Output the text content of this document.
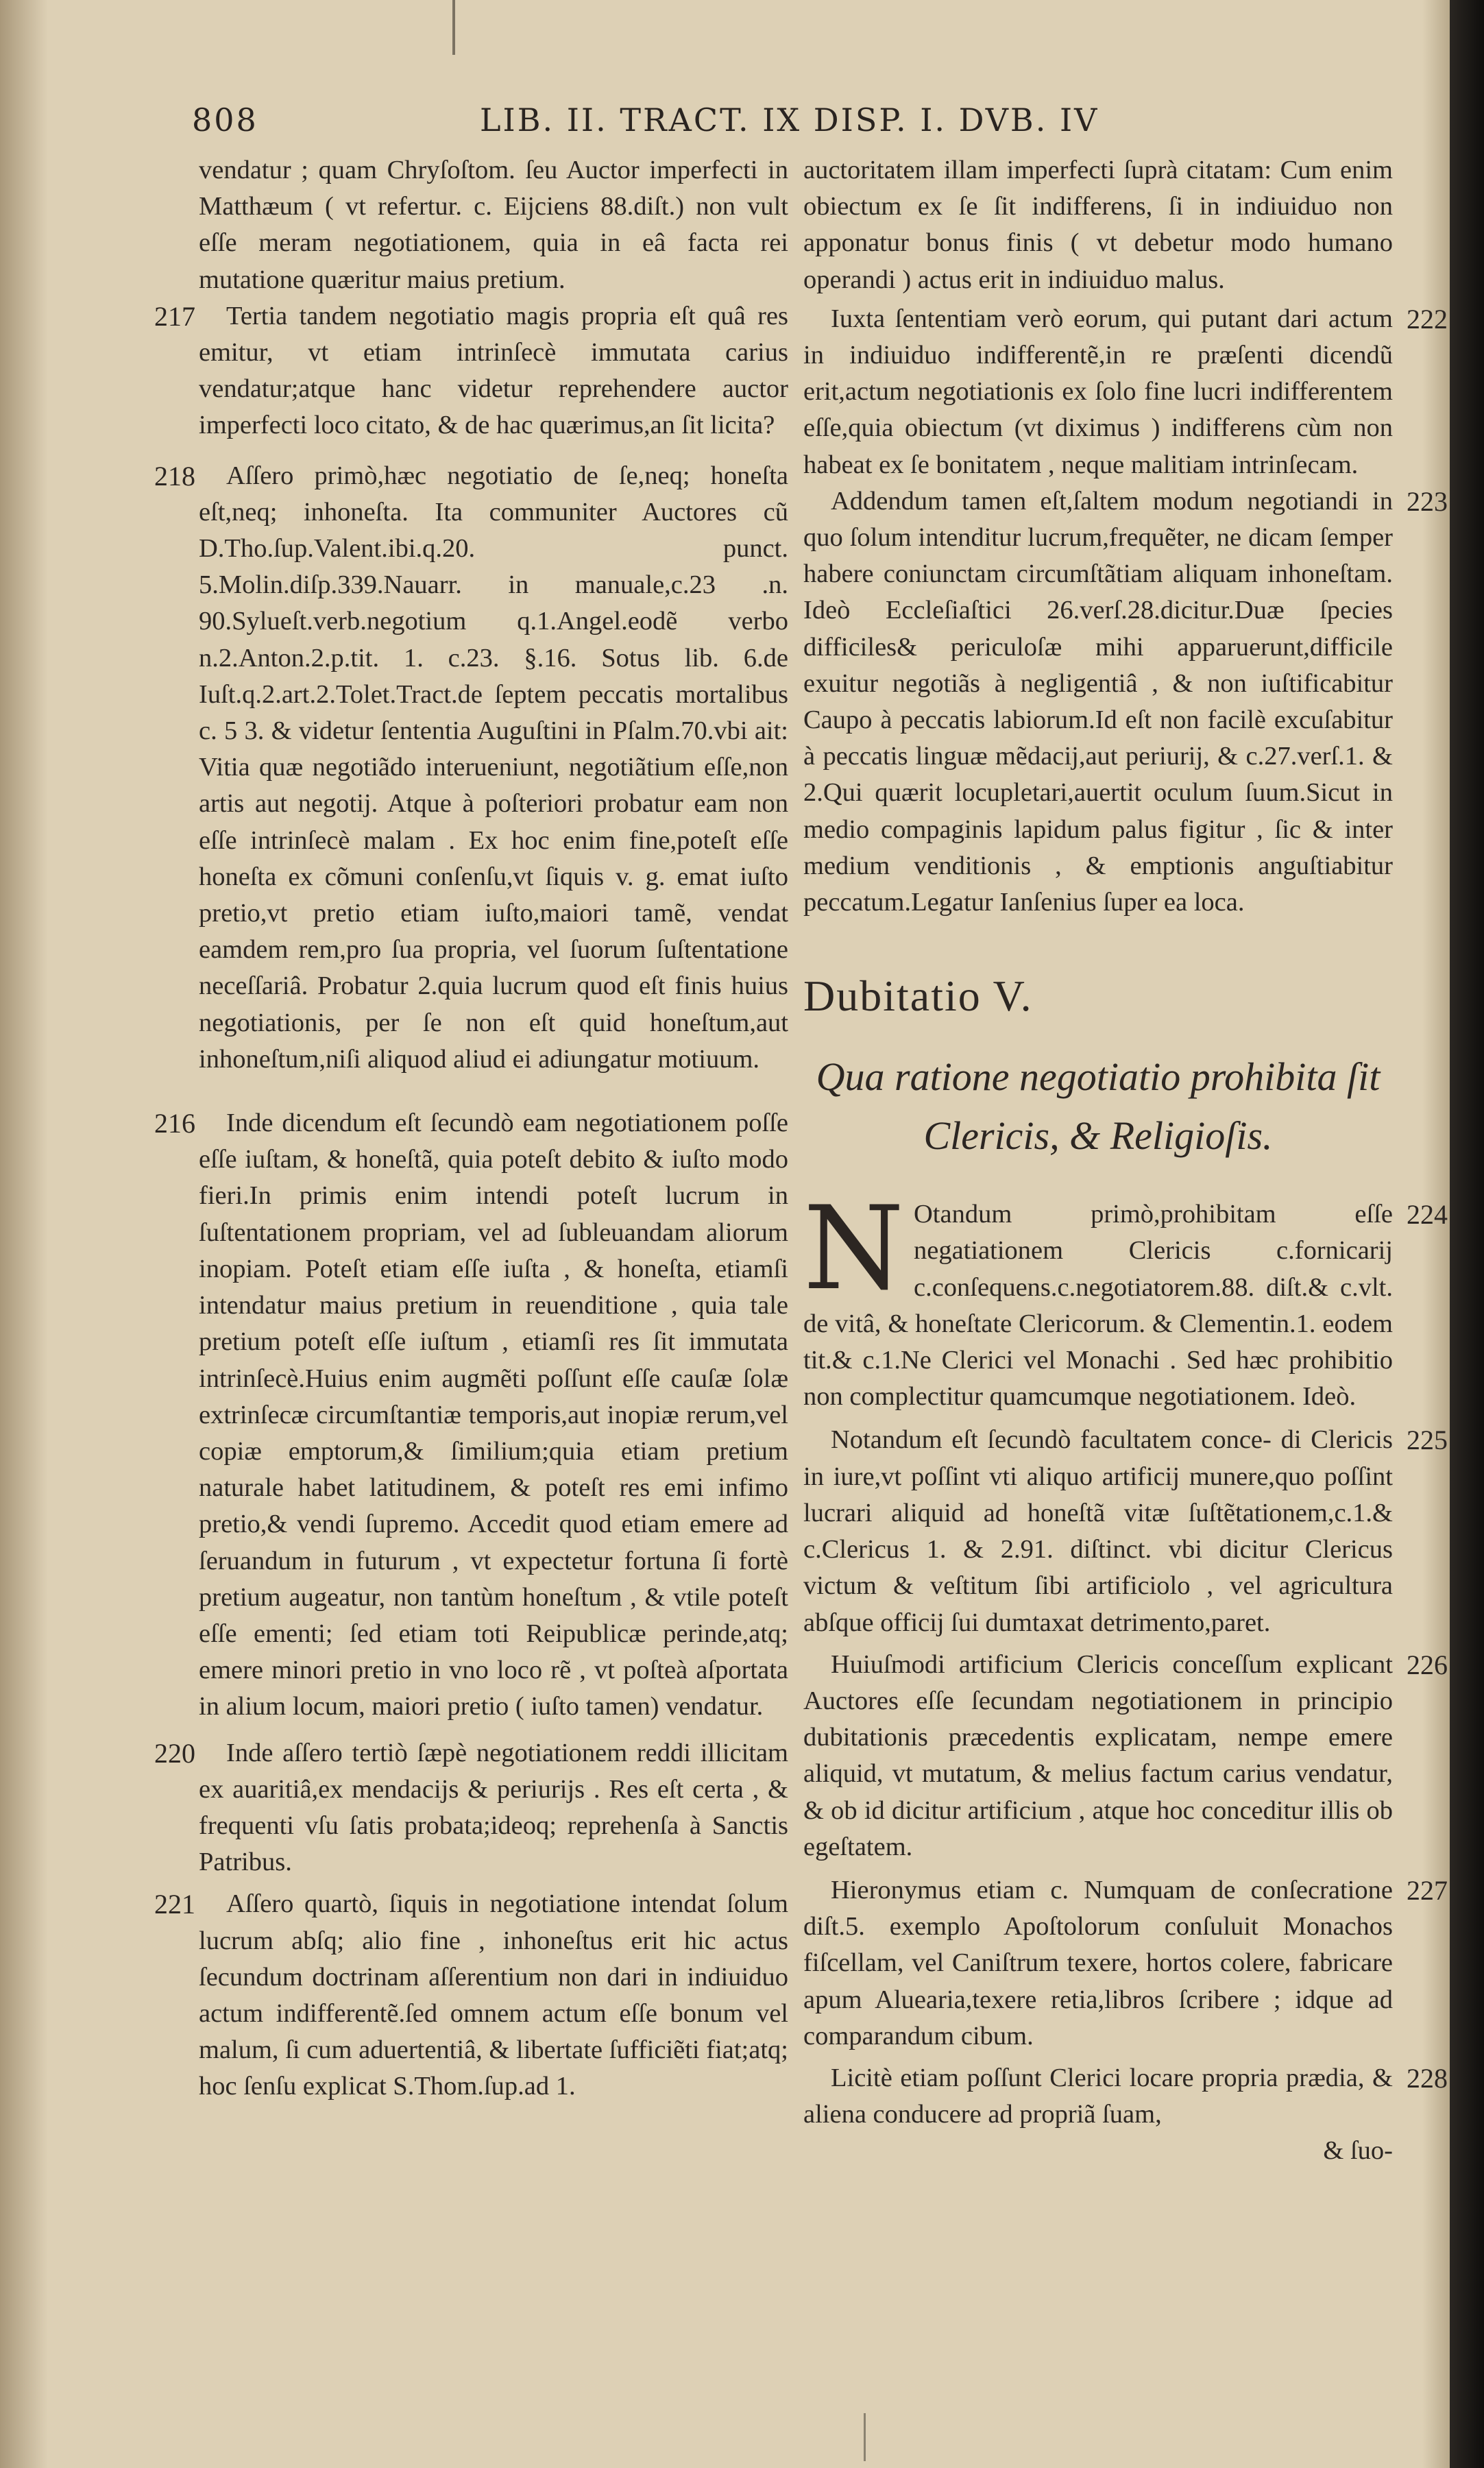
808	LIB. II. TRACT. IX DISP. I. DVB. IV

vendatur ; quam Chryſoſtom. ſeu Auctor imperfecti in Matthæum ( vt refertur. c. Eijciens 88.diſt.) non vult eſſe meram negotiationem, quia in eâ facta rei mutatione quæritur maius pretium.

217 Tertia tandem negotiatio magis propria eſt quâ res emitur, vt etiam intrinſecè immutata carius vendatur;atque hanc videtur reprehendere auctor imperfecti loco citato, & de hac quærimus,an ſit licita?

218 Aſſero primò,hæc negotiatio de ſe,neq; honeſta eſt,neq; inhoneſta. Ita communiter Auctores cũ D.Tho.ſup.Valent.ibi.q.20. punct. 5.Molin.diſp.339.Nauarr. in manuale,c.23 .n. 90.Sylueſt.verb.negotium q.1.Angel.eodẽ verbo n.2.Anton.2.p.tit. 1. c.23. §.16. Sotus lib. 6.de Iuſt.q.2.art.2.Tolet.Tract.de ſeptem peccatis mortalibus c. 5 3. & videtur ſententia Auguſtini in Pſalm.70.vbi ait: Vitia quæ negotiãdo interueniunt, negotiãtium eſſe,non artis aut negotij. Atque à poſteriori probatur eam non eſſe intrinſecè malam . Ex hoc enim fine,poteſt eſſe honeſta ex cõmuni conſenſu,vt ſiquis v. g. emat iuſto pretio,vt pretio etiam iuſto,maiori tamẽ, vendat eamdem rem,pro ſua propria, vel ſuorum ſuſtentatione neceſſariâ. Probatur 2.quia lucrum quod eſt finis huius negotiationis, per ſe non eſt quid honeſtum,aut inhoneſtum,niſi aliquod aliud ei adiungatur motiuum.

216 Inde dicendum eſt ſecundò eam negotiationem poſſe eſſe iuſtam, & honeſtã, quia poteſt debito & iuſto modo fieri.In primis enim intendi poteſt lucrum in ſuſtentationem propriam, vel ad ſubleuandam aliorum inopiam. Poteſt etiam eſſe iuſta , & honeſta, etiamſi intendatur maius pretium in reuenditione , quia tale pretium poteſt eſſe iuſtum , etiamſi res ſit immutata intrinſecè.Huius enim augmẽti poſſunt eſſe cauſæ ſolæ extrinſecæ circumſtantiæ temporis,aut inopiæ rerum,vel copiæ emptorum,& ſimilium;quia etiam pretium naturale habet latitudinem, & poteſt res emi infimo pretio,& vendi ſupremo. Accedit quod etiam emere ad ſeruandum in futurum , vt expectetur fortuna ſi fortè pretium augeatur, non tantùm honeſtum , & vtile poteſt eſſe ementi; ſed etiam toti Reipublicæ perinde,atq; emere minori pretio in vno loco rẽ , vt poſteà aſportata in alium locum, maiori pretio ( iuſto tamen) vendatur.

220 Inde aſſero tertiò ſæpè negotiationem reddi illicitam ex auaritiâ,ex mendacijs & periurijs . Res eſt certa , & frequenti vſu ſatis probata;ideoq; reprehenſa à Sanctis Patribus.

221 Aſſero quartò, ſiquis in negotiatione intendat ſolum lucrum abſq; alio fine , inhoneſtus erit hic actus ſecundum doctrinam aſſerentium non dari in indiuiduo actum indifferentẽ.ſed omnem actum eſſe bonum vel malum, ſi cum aduertentiâ, & libertate ſufficiẽti fiat;atq; hoc ſenſu explicat S.Thom.ſup.ad 1.

auctoritatem illam imperfecti ſuprà citatam: Cum enim obiectum ex ſe ſit indifferens, ſi in indiuiduo non apponatur bonus finis ( vt debetur modo humano operandi ) actus erit in indiuiduo malus.

222
Iuxta ſententiam verò eorum, qui putant dari actum in indiuiduo indifferentẽ,in re præſenti dicendũ erit,actum negotiationis ex ſolo fine lucri indifferentem eſſe,quia obiectum (vt diximus ) indifferens cùm non habeat ex ſe bonitatem , neque malitiam intrinſecam.

223
Addendum tamen eſt,ſaltem modum negotiandi in quo ſolum intenditur lucrum,frequẽter, ne dicam ſemper habere coniunctam circumſtãtiam aliquam inhoneſtam. Ideò Eccleſiaſtici 26.verſ.28.dicitur.Duæ ſpecies difficiles& periculoſæ mihi apparuerunt,difficile exuitur negotiãs à negligentiâ , & non iuſtificabitur Caupo à peccatis labiorum.Id eſt non facilè excuſabitur à peccatis linguæ mẽdacij,aut periurij, & c.27.verſ.1. & 2.Qui quærit locupletari,auertit oculum ſuum.Sicut in medio compaginis lapidum palus figitur , ſic & inter medium venditionis , & emptionis anguſtiabitur peccatum.Legatur Ianſenius ſuper ea loca.

Dubitatio V.

Qua ratione negotiatio prohibita ſit Clericis, & Religioſis.

224
N Otandum primò,prohibitam eſſe negatiationem Clericis c.fornicarij c.conſequens.c.negotiatorem.88. diſt.& c.vlt. de vitâ, & honeſtate Clericorum. & Clementin.1. eodem tit.& c.1.Ne Clerici vel Monachi . Sed hæc prohibitio non complectitur quamcumque negotiationem. Ideò.

225
Notandum eſt ſecundò facultatem conce- di Clericis in iure,vt poſſint vti aliquo artificij munere,quo poſſint lucrari aliquid ad honeſtã vitæ ſuſtẽtationem,c.1.& c.Clericus 1. & 2.91. diſtinct. vbi dicitur Clericus victum & veſtitum ſibi artificiolo , vel agricultura abſque officij ſui dumtaxat detrimento,paret.

226
Huiuſmodi artificium Clericis conceſſum explicant Auctores eſſe ſecundam negotiationem in principio dubitationis præcedentis explicatam, nempe emere aliquid, vt mutatum, & melius factum carius vendatur, & ob id dicitur artificium , atque hoc conceditur illis ob egeſtatem.

227
Hieronymus etiam c. Numquam de conſecratione diſt.5. exemplo Apoſtolorum conſuluit Monachos fiſcellam, vel Caniſtrum texere, hortos colere, fabricare apum Aluearia,texere retia,libros ſcribere ; idque ad comparandum cibum.

228
Licitè etiam poſſunt Clerici locare propria prædia, & aliena conducere ad propriã ſuam,

& ſuo-
